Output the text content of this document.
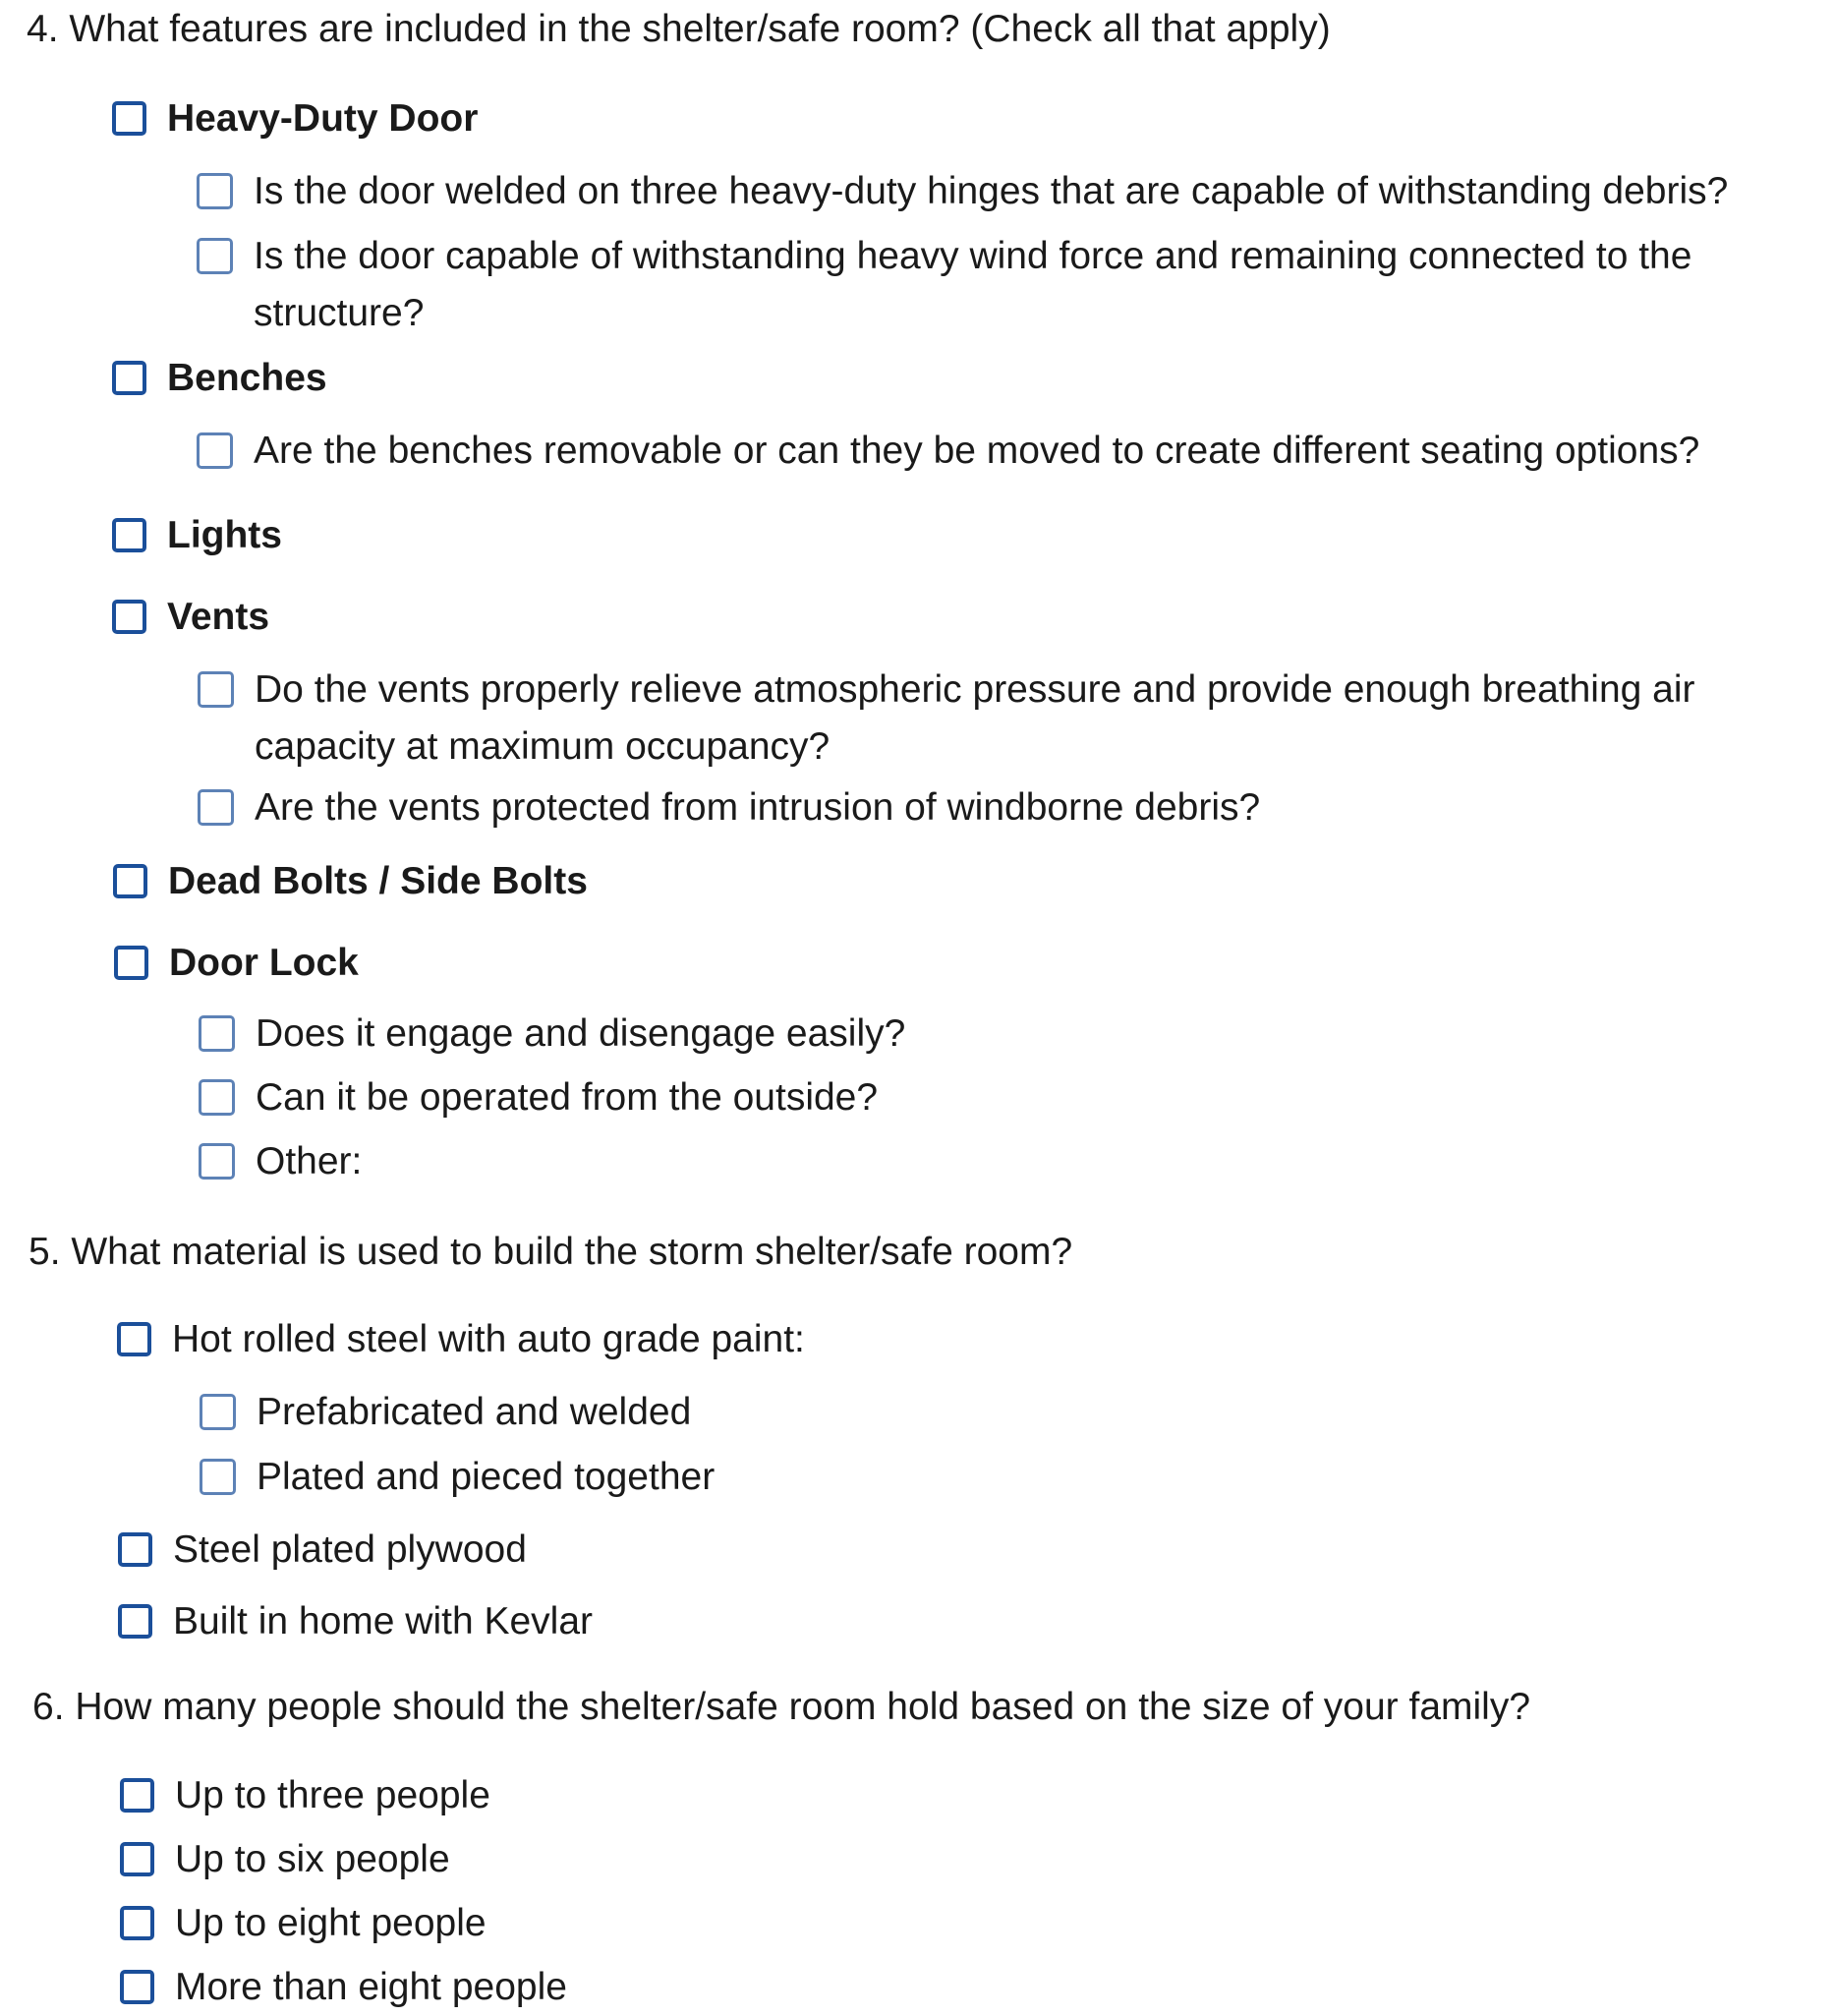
4. What features are included in the shelter/safe room? (Check all that apply)
Heavy-Duty Door
Is the door welded on three heavy-duty hinges that are capable of withstanding debris?
Is the door capable of withstanding heavy wind force and remaining connected to the structure?
Benches
Are the benches removable or can they be moved to create different seating options?
Lights
Vents
Do the vents properly relieve atmospheric pressure and provide enough breathing air capacity at maximum occupancy?
Are the vents protected from intrusion of windborne debris?
Dead Bolts / Side Bolts
Door Lock
Does it engage and disengage easily?
Can it be operated from the outside?
Other:
5. What material is used to build the storm shelter/safe room?
Hot rolled steel with auto grade paint:
Prefabricated and welded
Plated and pieced together
Steel plated plywood
Built in home with Kevlar
6. How many people should the shelter/safe room hold based on the size of your family?
Up to three people
Up to six people
Up to eight people
More than eight people
